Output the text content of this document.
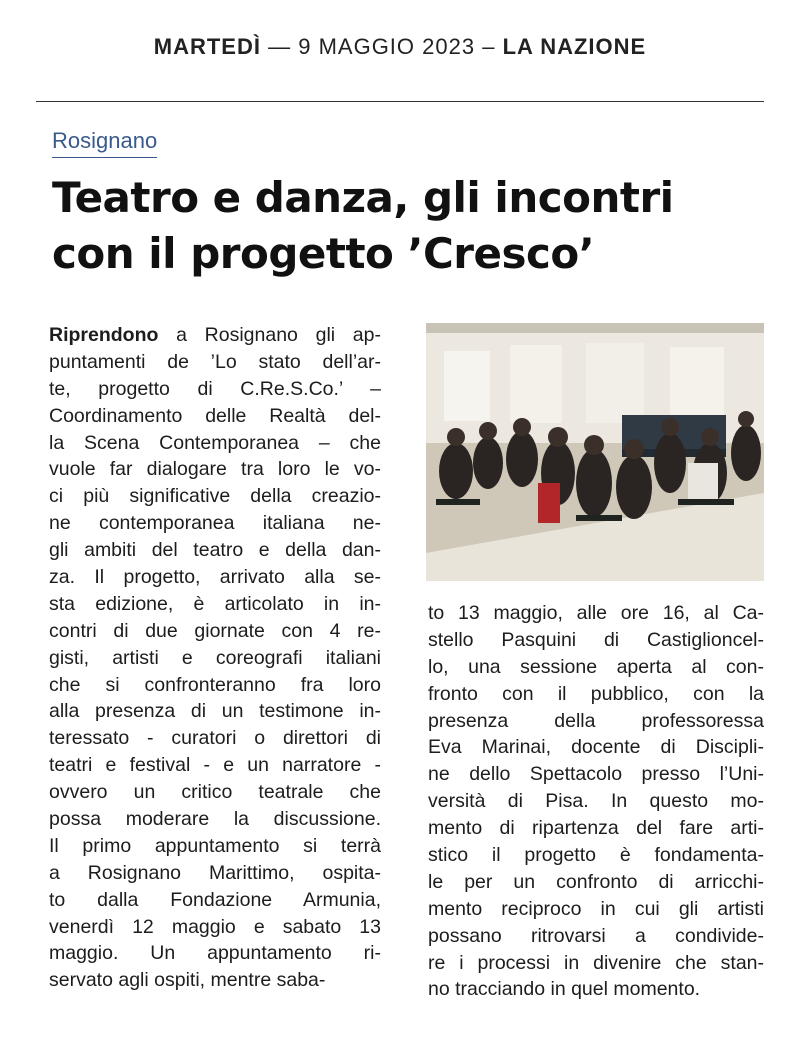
MARTEDÌ — 9 MAGGIO 2023 – LA NAZIONE
Rosignano
Teatro e danza, gli incontri
con il progetto ’Cresco’
Riprendono a Rosignano gli ap-
puntamenti de ’Lo stato dell’ar-
te, progetto di C.Re.S.Co.’ –
Coordinamento delle Realtà del-
la Scena Contemporanea – che
vuole far dialogare tra loro le vo-
ci più significative della creazio-
ne contemporanea italiana ne-
gli ambiti del teatro e della dan-
za. Il progetto, arrivato alla se-
sta edizione, è articolato in in-
contri di due giornate con 4 re-
gisti, artisti e coreografi italiani
che si confronteranno fra loro
alla presenza di un testimone in-
teressato - curatori o direttori di
teatri e festival - e un narratore -
ovvero un critico teatrale che
possa moderare la discussione.
Il primo appuntamento si terrà
a Rosignano Marittimo, ospita-
to dalla Fondazione Armunia,
venerdì 12 maggio e sabato 13
maggio. Un appuntamento ri-
servato agli ospiti, mentre saba-
to 13 maggio, alle ore 16, al Ca-
stello Pasquini di Castiglioncel-
lo, una sessione aperta al con-
fronto con il pubblico, con la
presenza della professoressa
Eva Marinai, docente di Discipli-
ne dello Spettacolo presso l’Uni-
versità di Pisa. In questo mo-
mento di ripartenza del fare arti-
stico il progetto è fondamenta-
le per un confronto di arricchi-
mento reciproco in cui gli artisti
possano ritrovarsi a condivide-
re i processi in divenire che stan-
no tracciando in quel momento.
